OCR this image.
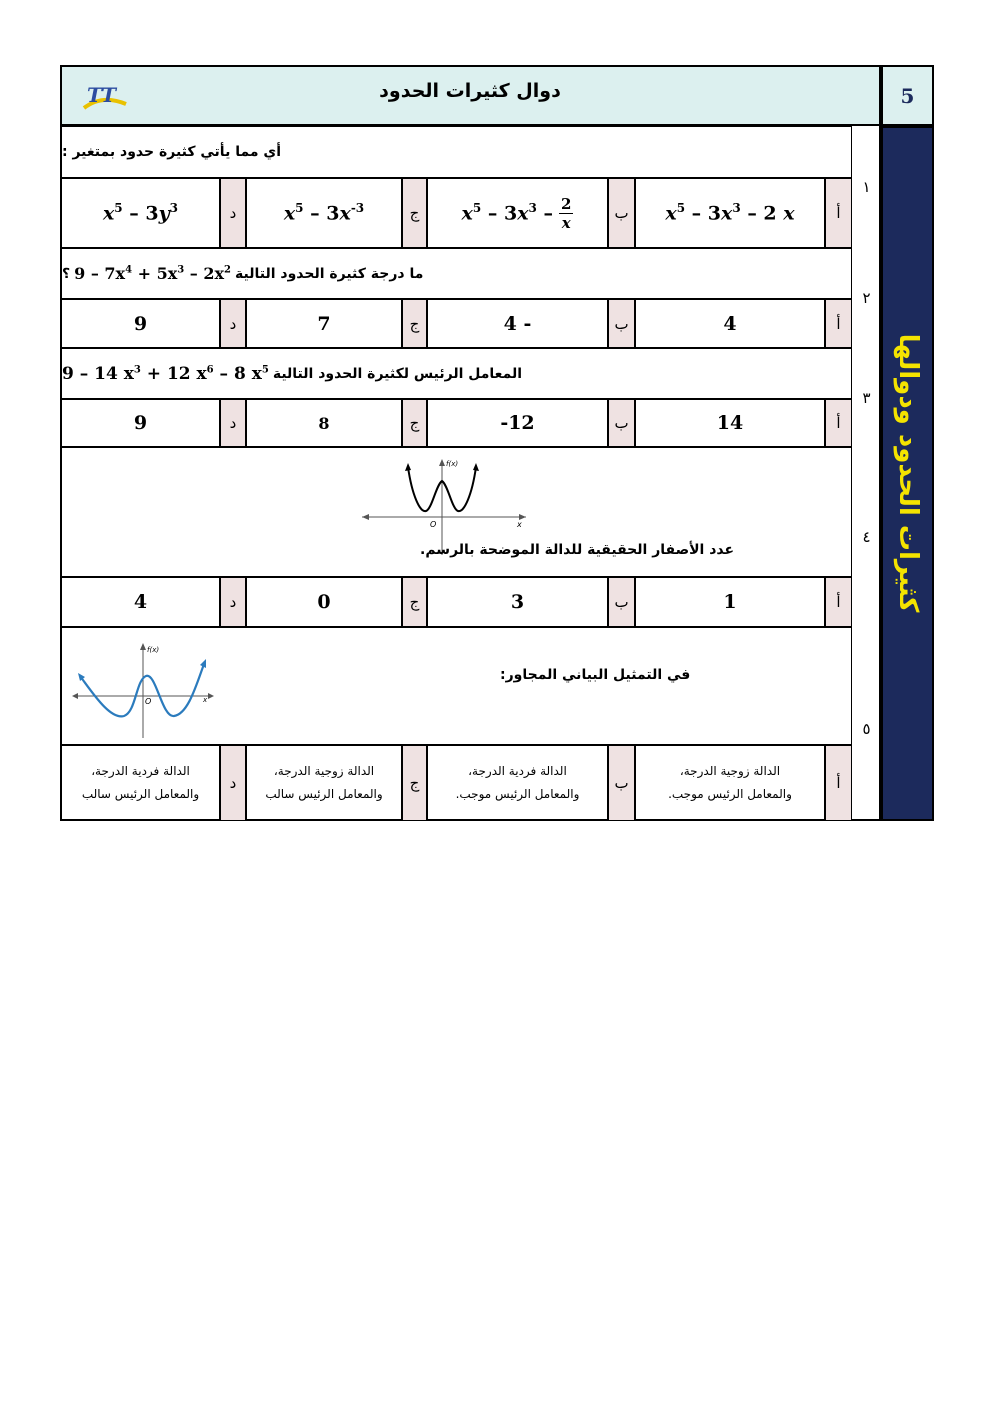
دوال كثيرات الحدود
TT	5
كثيرات الحدود ودوالها
أي مما يأتي كثيرة حدود بمتغير :
١
أ
$x^5 - 3x^3 - 2$ x
ب
$x^5 - 3x^3 - \frac{2}{x}$
ج
$x^5 - 3x^{-3}$
د
$x^5 - 3y^3$
ما درجة كثيرة الحدود التالية
$9 - 7x^4 + 5x^3 - 2x^2$
؟
٢
أ
4
ب
4 -
ج
7
د
9
المعامل الرئيس لكثيرة الحدود التالية
9 – 14 $x^3 + 12$ $x^6 - 8$ $x^5$
٣
أ
14
ب
-12
ج
8
د
9
f(x)
O	x
عدد الأصفار الحقيقية للدالة الموضحة بالرسم.
٤
أ
1
ب
3
ج
0
د
4
في التمثيل البياني المجاور:
f(x)
O	x
٥
أ
الدالة زوجية الدرجة،
والمعامل الرئيس موجب.
ب
الدالة فردية الدرجة،
والمعامل الرئيس موجب.
ج
الدالة زوجية الدرجة،
والمعامل الرئيس سالب
د
الدالة فردية الدرجة،
والمعامل الرئيس سالب
